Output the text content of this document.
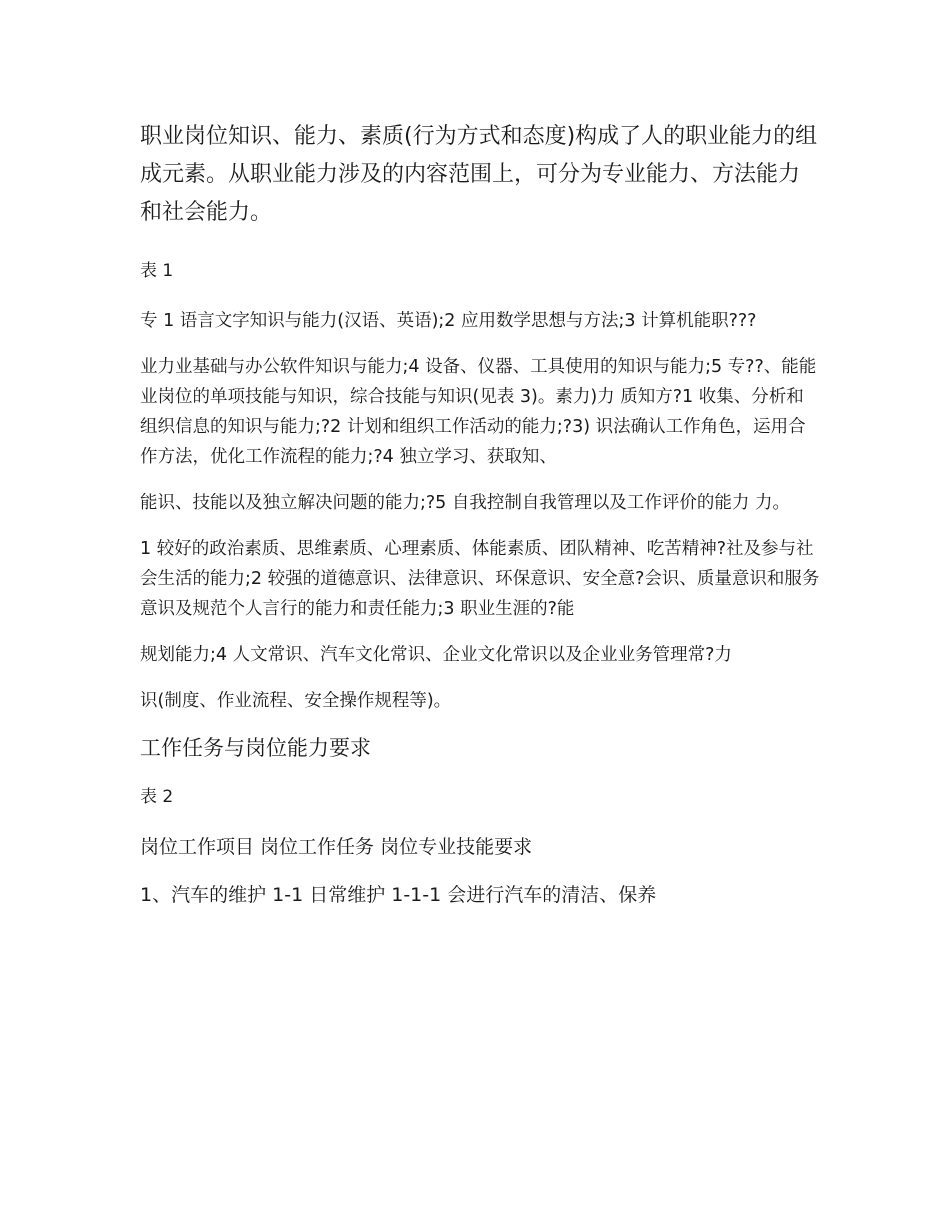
职业岗位知识、能力、素质(行为方式和态度)构成了人的职业能力的组成元素。从职业能力涉及的内容范围上，可分为专业能力、方法能力和社会能力。

表 1

专 1 语言文字知识与能力(汉语、英语);2 应用数学思想与方法;3 计算机能职???

业力业基础与办公软件知识与能力;4 设备、仪器、工具使用的知识与能力;5 专??、能能业岗位的单项技能与知识，综合技能与知识(见表 3)。素力)力 质知方?1 收集、分析和组织信息的知识与能力;?2 计划和组织工作活动的能力;?3) 识法确认工作角色，运用合作方法，优化工作流程的能力;?4 独立学习、获取知、

能识、技能以及独立解决问题的能力;?5 自我控制自我管理以及工作评价的能力 力。

1 较好的政治素质、思维素质、心理素质、体能素质、团队精神、吃苦精神?社及参与社会生活的能力;2 较强的道德意识、法律意识、环保意识、安全意?会识、质量意识和服务意识及规范个人言行的能力和责任能力;3 职业生涯的?能

规划能力;4 人文常识、汽车文化常识、企业文化常识以及企业业务管理常?力

识(制度、作业流程、安全操作规程等)。

工作任务与岗位能力要求

表 2

岗位工作项目 岗位工作任务 岗位专业技能要求

1、汽车的维护 1-1 日常维护 1-1-1 会进行汽车的清洁、保养
